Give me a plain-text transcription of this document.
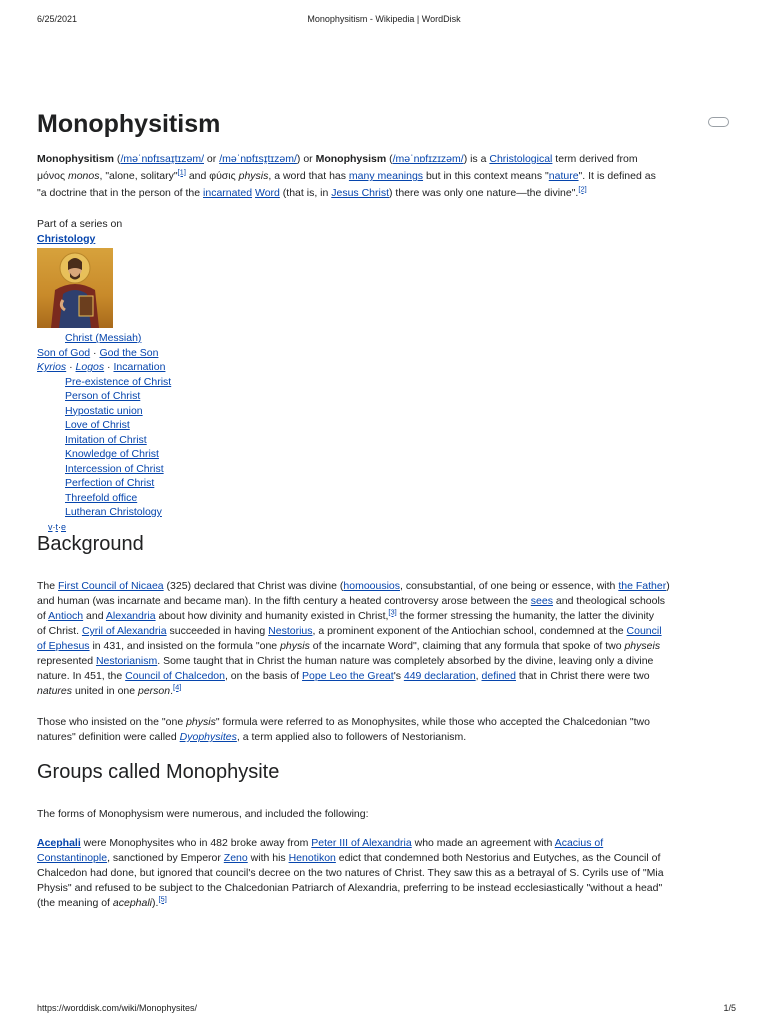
6/25/2021	Monophysitism - Wikipedia | WordDisk
Monophysitism
Monophysitism (/məˈnɒfɪsaɪ̯tɪzəm/ or /məˈnɒfɪsɪ̯tɪzəm/) or Monophysism (/məˈnɒfɪzɪzəm/) is a Christological term derived from
μόνος monos, "alone, solitary"[1] and φύσις physis, a word that has many meanings but in this context means "nature". It is defined as
"a doctrine that in the person of the incarnated Word (that is, in Jesus Christ) there was only one nature—the divine".[2]
Part of a series on
Christology
Christ (Messiah)
Son of God · God the Son
Kyrios · Logos · Incarnation
Pre-existence of Christ
Person of Christ
Hypostatic union
Love of Christ
Imitation of Christ
Knowledge of Christ
Intercession of Christ
Perfection of Christ
Threefold office
Lutheran Christology
v·t·e
Background
The First Council of Nicaea (325) declared that Christ was divine (homoousios, consubstantial, of one being or essence, with the Father)
and human (was incarnate and became man). In the fifth century a heated controversy arose between the sees and theological schools
of Antioch and Alexandria about how divinity and humanity existed in Christ,[3] the former stressing the humanity, the latter the divinity
of Christ. Cyril of Alexandria succeeded in having Nestorius, a prominent exponent of the Antiochian school, condemned at the Council
of Ephesus in 431, and insisted on the formula "one physis of the incarnate Word", claiming that any formula that spoke of two physeis
represented Nestorianism. Some taught that in Christ the human nature was completely absorbed by the divine, leaving only a divine
nature. In 451, the Council of Chalcedon, on the basis of Pope Leo the Great's 449 declaration, defined that in Christ there were two
natures united in one person.[4]
Those who insisted on the "one physis" formula were referred to as Monophysites, while those who accepted the Chalcedonian "two
natures" definition were called Dyophysites, a term applied also to followers of Nestorianism.
Groups called Monophysite
The forms of Monophysism were numerous, and included the following:
Acephali were Monophysites who in 482 broke away from Peter III of Alexandria who made an agreement with Acacius of
Constantinople, sanctioned by Emperor Zeno with his Henotikon edict that condemned both Nestorius and Eutyches, as the Council of
Chalcedon had done, but ignored that council's decree on the two natures of Christ. They saw this as a betrayal of S. Cyrils use of "Mia
Physis" and refused to be subject to the Chalcedonian Patriarch of Alexandria, preferring to be instead ecclesiastically "without a head"
(the meaning of acephali).[5]
https://worddisk.com/wiki/Monophysites/	1/5
